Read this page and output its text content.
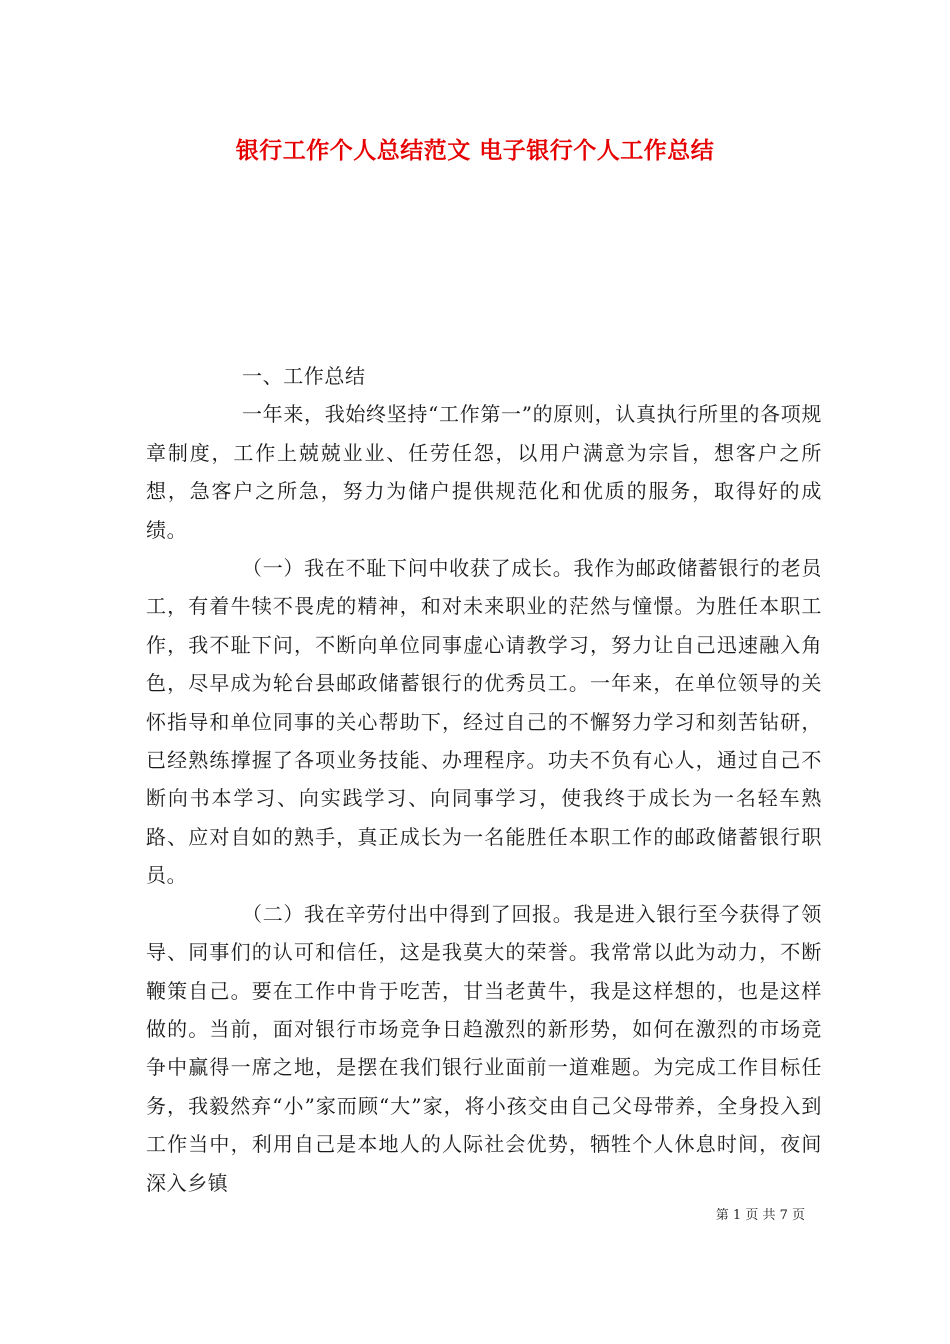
银行工作个人总结范文 电子银行个人工作总结

一、工作总结

一年来，我始终坚持“工作第一”的原则，认真执行所里的各项规章制度，工作上兢兢业业、任劳任怨，以用户满意为宗旨，想客户之所想，急客户之所急，努力为储户提供规范化和优质的服务，取得好的成绩。

（一）我在不耻下问中收获了成长。我作为邮政储蓄银行的老员工，有着牛犊不畏虎的精神，和对未来职业的茫然与憧憬。为胜任本职工作，我不耻下问，不断向单位同事虚心请教学习，努力让自己迅速融入角色，尽早成为轮台县邮政储蓄银行的优秀员工。一年来，在单位领导的关怀指导和单位同事的关心帮助下，经过自己的不懈努力学习和刻苦钻研，已经熟练撑握了各项业务技能、办理程序。功夫不负有心人，通过自己不断向书本学习、向实践学习、向同事学习，使我终于成长为一名轻车熟路、应对自如的熟手，真正成长为一名能胜任本职工作的邮政储蓄银行职员。

（二）我在辛劳付出中得到了回报。我是进入银行至今获得了领导、同事们的认可和信任，这是我莫大的荣誉。我常常以此为动力，不断鞭策自己。要在工作中肯于吃苦，甘当老黄牛，我是这样想的，也是这样做的。当前，面对银行市场竞争日趋激烈的新形势，如何在激烈的市场竞争中赢得一席之地，是摆在我们银行业面前一道难题。为完成工作目标任务，我毅然弃“小”家而顾“大”家，将小孩交由自己父母带养，全身投入到工作当中，利用自己是本地人的人际社会优势，牺牲个人休息时间，夜间深入乡镇

第 1 页 共 7 页
